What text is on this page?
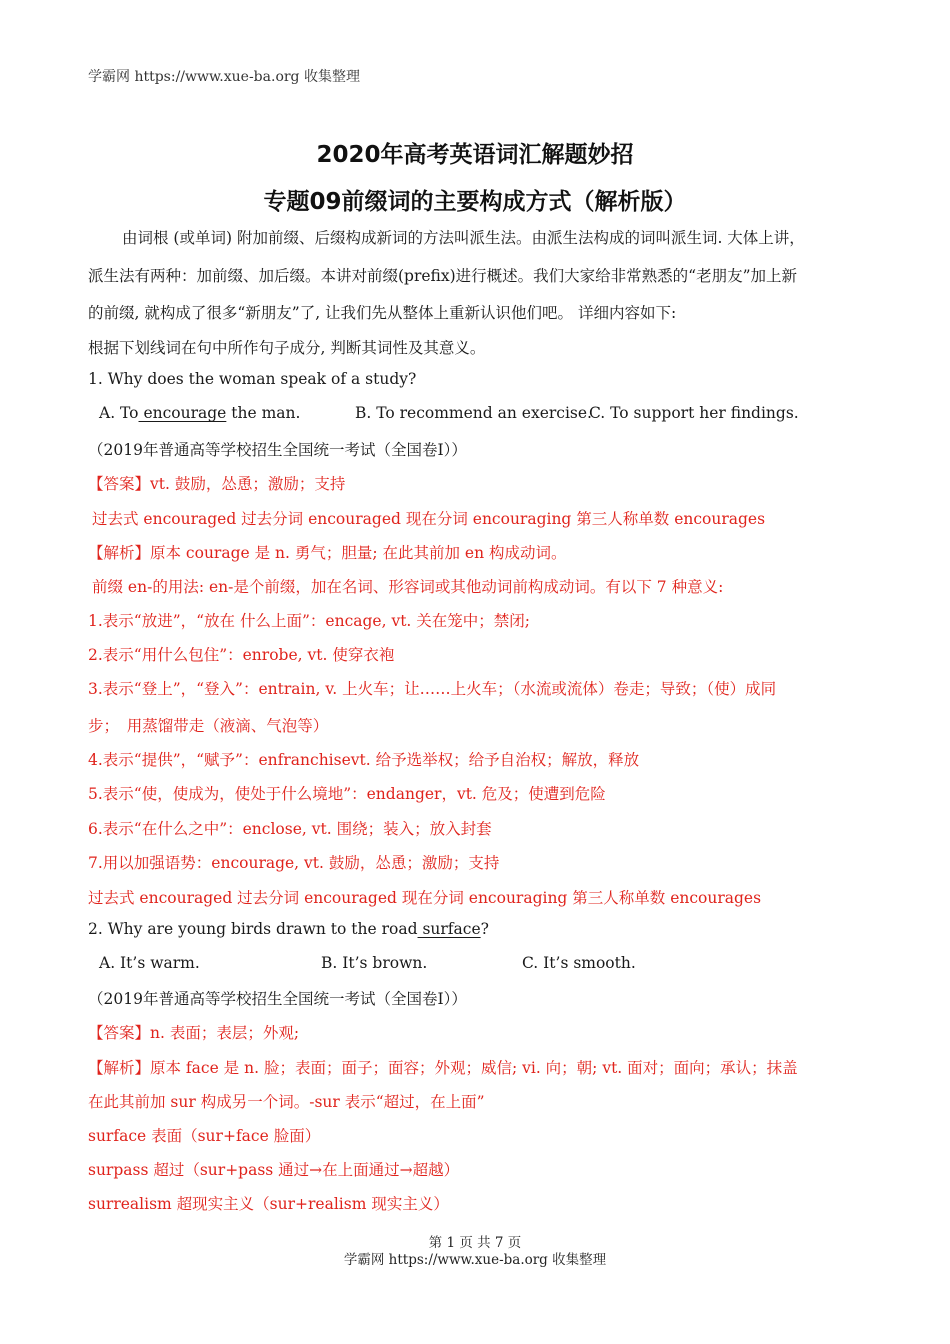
学霸网 https://www.xue-ba.org 收集整理
2020年高考英语词汇解题妙招
专题09前缀词的主要构成方式（解析版）
由词根 (或单词) 附加前缀、后缀构成新词的方法叫派生法。由派生法构成的词叫派生词. 大体上讲，
派生法有两种：加前缀、加后缀。本讲对前缀(prefix)进行概述。我们大家给非常熟悉的“老朋友”加上新
的前缀, 就构成了很多“新朋友”了, 让我们先从整体上重新认识他们吧。 详细内容如下:
根据下划线词在句中所作句子成分, 判断其词性及其意义。
1. Why does the woman speak of a study?
A. To encourage the man.	B. To recommend an exercise.
C. To support her findings.
（2019年普通高等学校招生全国统一考试（全国卷Ⅰ））
【答案】vt. 鼓励，怂恿；激励；支持
过去式 encouraged 过去分词 encouraged 现在分词 encouraging 第三人称单数 encourages
【解析】原本 courage 是 n. 勇气；胆量; 在此其前加 en 构成动词。
前缀 en-的用法: en-是个前缀，加在名词、形容词或其他动词前构成动词。有以下 7 种意义:
1.表示“放进”，“放在 什么上面”：encage, vt. 关在笼中；禁闭;
2.表示“用什么包住”：enrobe, vt. 使穿衣袍
3.表示“登上”，“登入”：entrain, v. 上火车；让……上火车；（水流或流体）卷走；导致；（使）成同
步；　用蒸馏带走（液滴、气泡等）
4.表示“提供”，“赋予”：enfranchisevt. 给予选举权；给予自治权；解放，释放
5.表示“使，使成为，使处于什么境地”：endanger，vt. 危及；使遭到危险
6.表示“在什么之中”：enclose, vt. 围绕；装入；放入封套
7.用以加强语势：encourage, vt. 鼓励，怂恿；激励；支持
过去式 encouraged 过去分词 encouraged 现在分词 encouraging 第三人称单数 encourages
2. Why are young birds drawn to the road surface?
A. It’s warm.	B. It’s brown.	C. It’s smooth.
（2019年普通高等学校招生全国统一考试（全国卷Ⅰ））
【答案】n. 表面；表层；外观;
【解析】原本 face 是 n. 脸；表面；面子；面容；外观；威信; vi. 向；朝; vt. 面对；面向；承认；抹盖
在此其前加 sur 构成另一个词。-sur 表示“超过，在上面”
surface 表面（sur+face 脸面）
surpass 超过（sur+pass 通过→在上面通过→超越）
surrealism 超现实主义（sur+realism 现实主义）
第 1 页 共 7 页
学霸网 https://www.xue-ba.org 收集整理
